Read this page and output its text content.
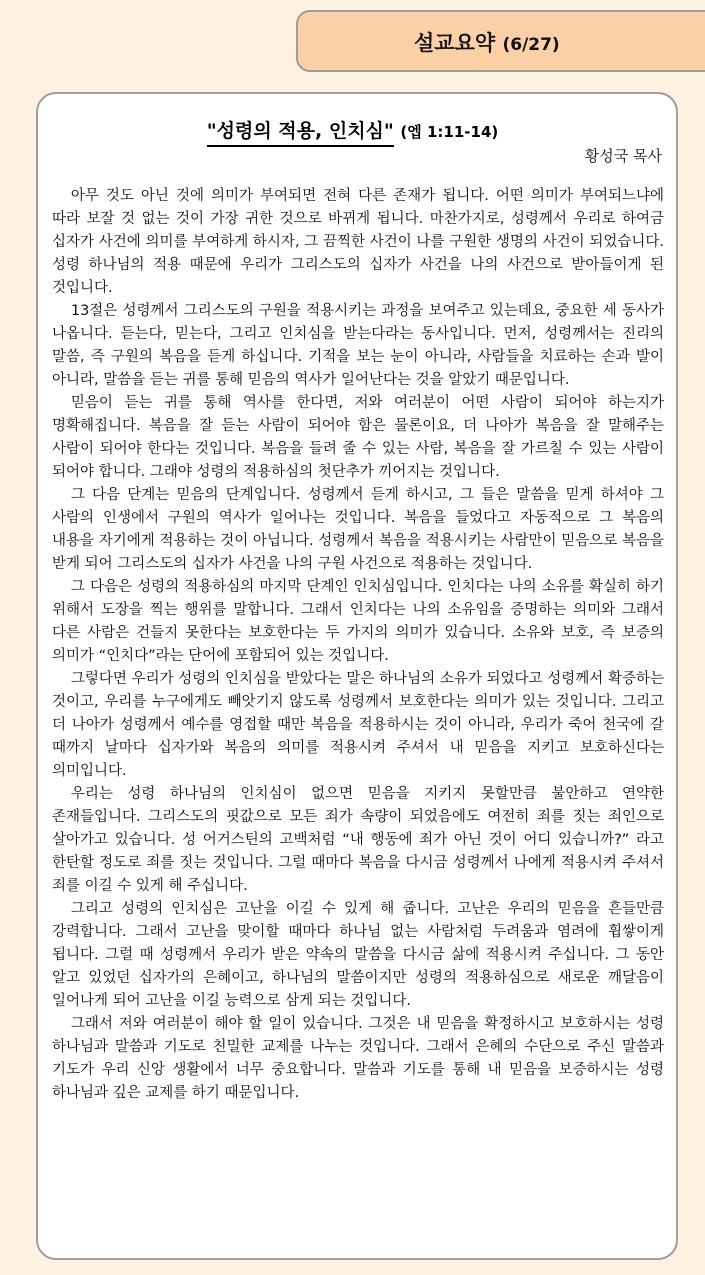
설교요약 (6/27)
"성령의 적용, 인치심" (엡 1:11-14)
황성국 목사

아무 것도 아닌 것에 의미가 부여되면 전혀 다른 존재가 됩니다. 어떤 의미가 부여되느냐에 따라 보잘 것 없는 것이 가장 귀한 것으로 바뀌게 됩니다. 마찬가지로, 성령께서 우리로 하여금 십자가 사건에 의미를 부여하게 하시자, 그 끔찍한 사건이 나를 구원한 생명의 사건이 되었습니다. 성령 하나님의 적용 때문에 우리가 그리스도의 십자가 사건을 나의 사건으로 받아들이게 된 것입니다.

13절은 성령께서 그리스도의 구원을 적용시키는 과정을 보여주고 있는데요, 중요한 세 동사가 나옵니다. 듣는다, 믿는다, 그리고 인치심을 받는다라는 동사입니다. 먼저, 성령께서는 진리의 말씀, 즉 구원의 복음을 듣게 하십니다. 기적을 보는 눈이 아니라, 사람들을 치료하는 손과 발이 아니라, 말씀을 듣는 귀를 통해 믿음의 역사가 일어난다는 것을 알았기 때문입니다.

믿음이 듣는 귀를 통해 역사를 한다면, 저와 여러분이 어떤 사람이 되어야 하는지가 명확해집니다. 복음을 잘 듣는 사람이 되어야 함은 물론이요, 더 나아가 복음을 잘 말해주는 사람이 되어야 한다는 것입니다. 복음을 들려 줄 수 있는 사람, 복음을 잘 가르칠 수 있는 사람이 되어야 합니다. 그래야 성령의 적용하심의 첫단추가 끼어지는 것입니다.

그 다음 단계는 믿음의 단계입니다. 성령께서 듣게 하시고, 그 들은 말씀을 믿게 하셔야 그 사람의 인생에서 구원의 역사가 일어나는 것입니다. 복음을 들었다고 자동적으로 그 복음의 내용을 자기에게 적용하는 것이 아닙니다. 성령께서 복음을 적용시키는 사람만이 믿음으로 복음을 받게 되어 그리스도의 십자가 사건을 나의 구원 사건으로 적용하는 것입니다.

그 다음은 성령의 적용하심의 마지막 단계인 인치심입니다. 인치다는 나의 소유를 확실히 하기 위해서 도장을 찍는 행위를 말합니다. 그래서 인치다는 나의 소유임을 증명하는 의미와 그래서 다른 사람은 건들지 못한다는 보호한다는 두 가지의 의미가 있습니다. 소유와 보호, 즉 보증의 의미가 “인치다”라는 단어에 포함되어 있는 것입니다.

그렇다면 우리가 성령의 인치심을 받았다는 말은 하나님의 소유가 되었다고 성령께서 확증하는 것이고, 우리를 누구에게도 빼앗기지 않도록 성령께서 보호한다는 의미가 있는 것입니다. 그리고 더 나아가 성령께서 예수를 영접할 때만 복음을 적용하시는 것이 아니라, 우리가 죽어 천국에 갈 때까지 날마다 십자가와 복음의 의미를 적용시켜 주셔서 내 믿음을 지키고 보호하신다는 의미입니다.

우리는 성령 하나님의 인치심이 없으면 믿음을 지키지 못할만큼 불안하고 연약한 존재들입니다. 그리스도의 핏값으로 모든 죄가 속량이 되었음에도 여전히 죄를 짓는 죄인으로 살아가고 있습니다. 성 어거스틴의 고백처럼 “내 행동에 죄가 아닌 것이 어디 있습니까?” 라고 한탄할 정도로 죄를 짓는 것입니다. 그럴 때마다 복음을 다시금 성령께서 나에게 적용시켜 주셔서 죄를 이길 수 있게 해 주십니다.

그리고 성령의 인치심은 고난을 이길 수 있게 해 줍니다. 고난은 우리의 믿음을 흔들만큼 강력합니다. 그래서 고난을 맞이할 때마다 하나님 없는 사람처럼 두려움과 염려에 휩쌓이게 됩니다. 그럴 때 성령께서 우리가 받은 약속의 말씀을 다시금 삶에 적용시켜 주십니다. 그 동안 알고 있었던 십자가의 은혜이고, 하나님의 말씀이지만 성령의 적용하심으로 새로운 깨달음이 일어나게 되어 고난을 이길 능력으로 삼게 되는 것입니다.

그래서 저와 여러분이 해야 할 일이 있습니다. 그것은 내 믿음을 확정하시고 보호하시는 성령 하나님과 말씀과 기도로 친밀한 교제를 나누는 것입니다. 그래서 은혜의 수단으로 주신 말씀과 기도가 우리 신앙 생활에서 너무 중요합니다. 말씀과 기도를 통해 내 믿음을 보증하시는 성령 하나님과 깊은 교제를 하기 때문입니다.
